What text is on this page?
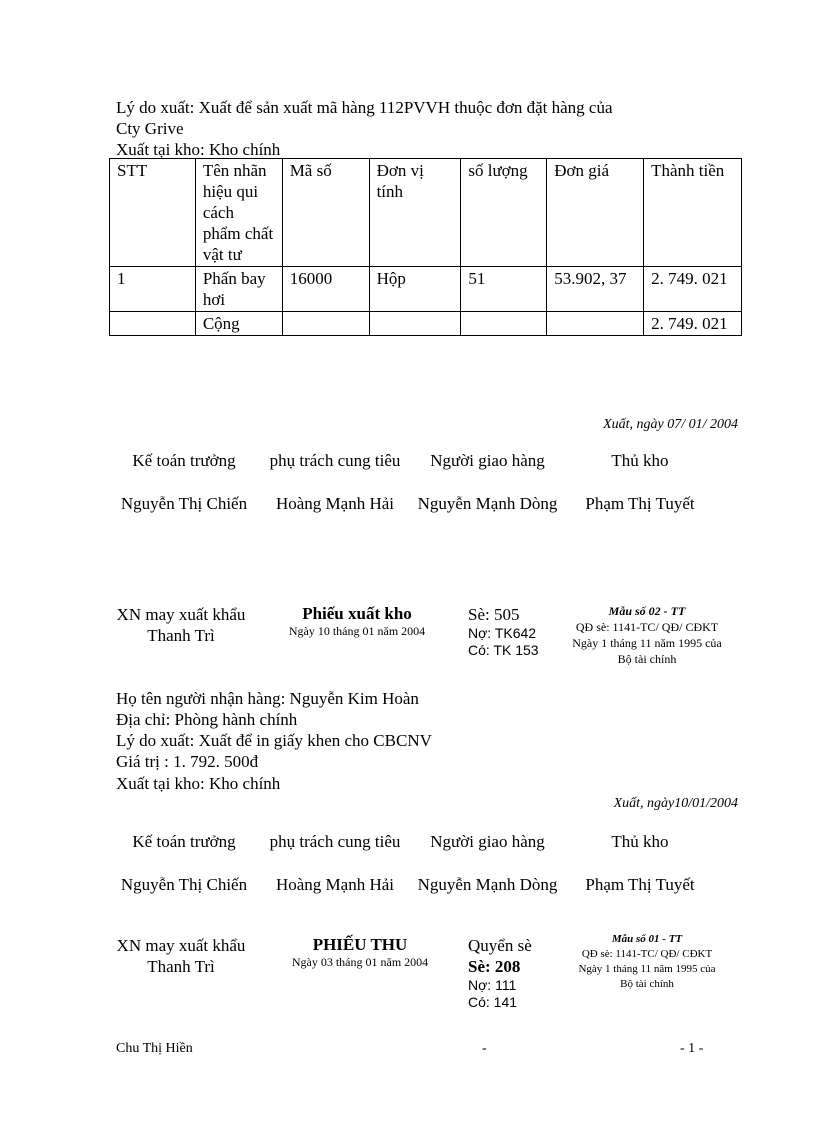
Lý do xuất: Xuất để sản xuất mã hàng 112PVVH thuộc đơn đặt hàng của
Cty Grive
Xuất tại kho: Kho chính
STT	Tên nhãn hiệu qui cách phẩm chất vật tư	Mã số	Đơn vị tính	số lượng	Đơn giá	Thành tiền
1	Phấn bay hơi	16000	Hộp	51	53.902, 37	2. 749. 021
	Cộng					2. 749. 021
Xuất, ngày 07/ 01/ 2004
Kế toán trưởng	phụ trách cung tiêu	Người giao hàng	Thủ kho
Nguyễn Thị Chiến	Hoàng Mạnh Hải	Nguyễn Mạnh Dòng	Phạm Thị Tuyết
XN may xuất khẩu Thanh Trì
Phiếu xuất kho
Ngày 10 tháng 01 năm 2004
Sè: 505
Nợ: TK642
Có: TK 153
Mẫu số 02 - TT
QĐ sè: 1141-TC/ QĐ/ CĐKT
Ngày 1 tháng 11 năm 1995 của Bộ tài chính
Họ tên người nhận hàng: Nguyễn Kim Hoàn
Địa chỉ: Phòng hành chính
Lý do xuất: Xuất để in giấy khen cho CBCNV
Giá trị : 1. 792. 500đ
Xuất tại kho: Kho chính
Xuất, ngày10/01/2004
Kế toán trưởng	phụ trách cung tiêu	Người giao hàng	Thủ kho
Nguyễn Thị Chiến	Hoàng Mạnh Hải	Nguyễn Mạnh Dòng	Phạm Thị Tuyết
XN may xuất khẩu Thanh Trì
PHIẾU THU
Ngày 03 tháng 01 năm 2004
Quyển sè
Sè: 208
Nợ: 111
Có: 141
Mẫu số 01 - TT
QĐ sè: 1141-TC/ QĐ/ CĐKT
Ngày 1 tháng 11 năm 1995 của Bộ tài chính
Chu Thị Hiền	-	- 1 -
